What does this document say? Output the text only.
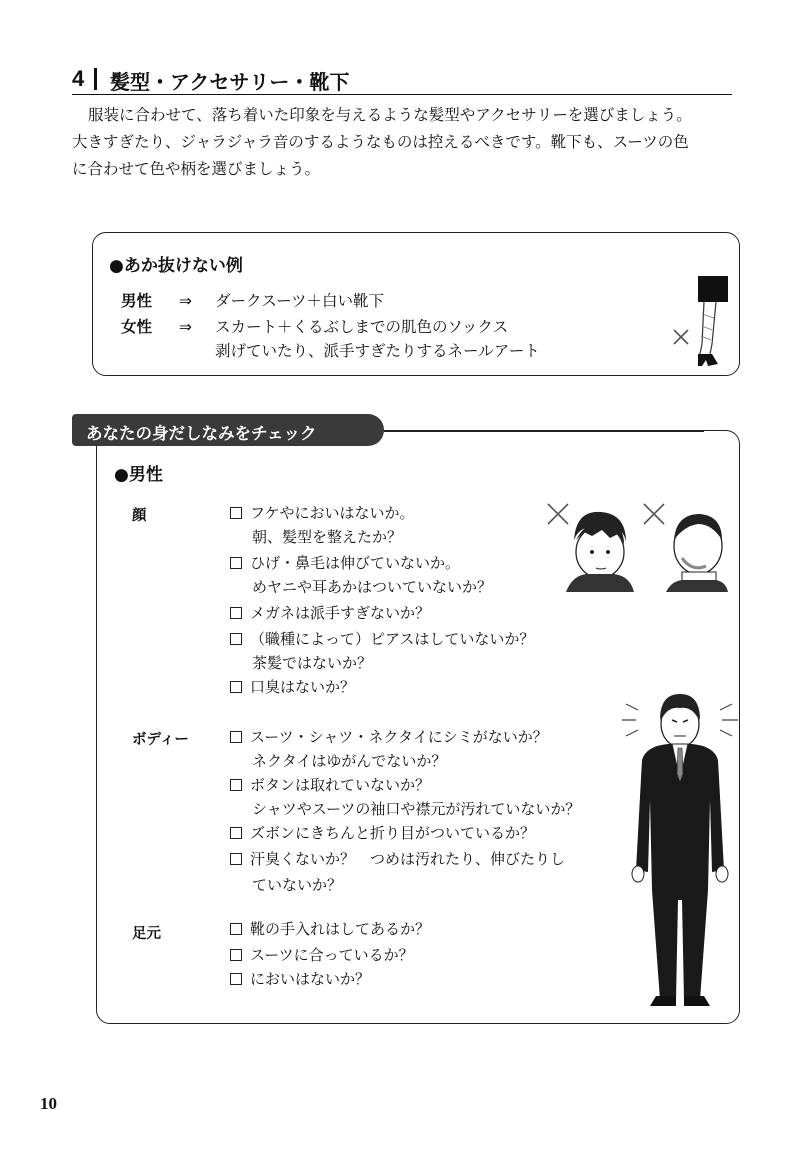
4 髪型・アクセサリー・靴下

服装に合わせて、落ち着いた印象を与えるような髪型やアクセサリーを選びましょう。

大きすぎたり、ジャラジャラ音のするようなものは控えるべきです。靴下も、スーツの色

に合わせて色や柄を選びましょう。

●あか抜けない例
男性 ⇒ ダークスーツ＋白い靴下
女性 ⇒ スカート＋くるぶしまでの肌色のソックス
剥げていたり、派手すぎたりするネールアート
あなたの身だしなみをチェック
●男性
顔	フケやにおいはないか。
朝、髪型を整えたか？
ひげ・鼻毛は伸びていないか。
めヤニや耳あかはついていないか？
メガネは派手すぎないか？
（職種によって）ピアスはしていないか？
茶髪ではないか？
口臭はないか？
ボディー	スーツ・シャツ・ネクタイにシミがないか？
ネクタイはゆがんでないか？
ボタンは取れていないか？
シャツやスーツの袖口や襟元が汚れていないか？
ズボンにきちんと折り目がついているか？
汗臭くないか？　つめは汚れたり、伸びたりし
ていないか？
足元	靴の手入れはしてあるか？
スーツに合っているか？
においはないか？
10
